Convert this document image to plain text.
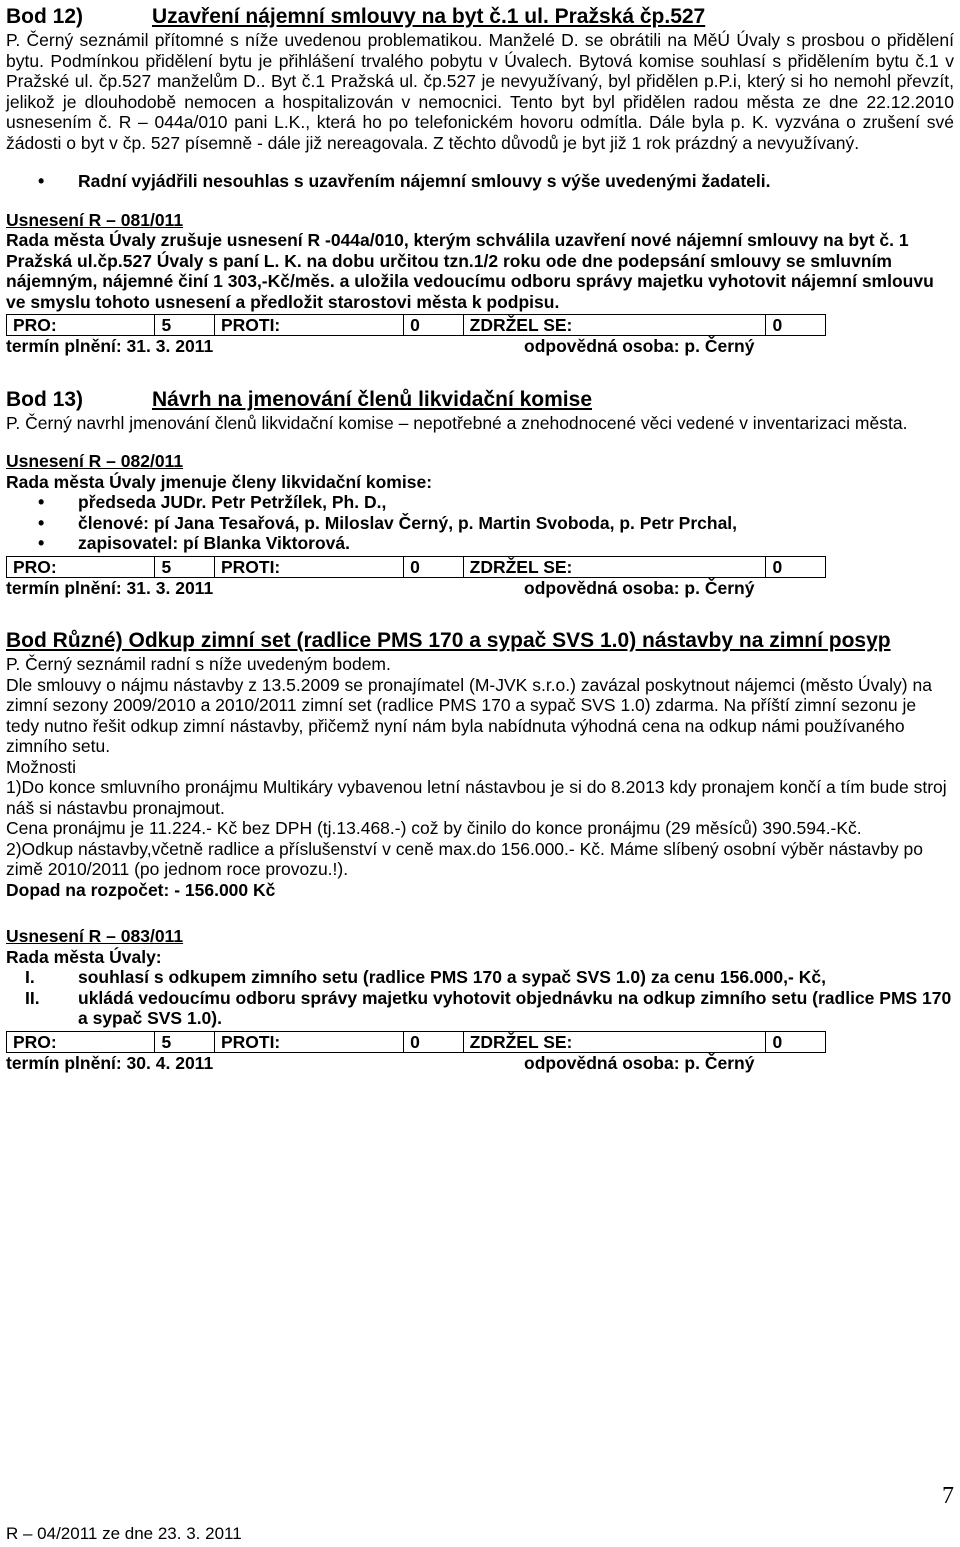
Bod 12)	Uzavření nájemní smlouvy na byt č.1 ul. Pražská čp.527

P. Černý seznámil přítomné s níže uvedenou problematikou. Manželé D. se obrátili na MěÚ Úvaly s prosbou o přidělení bytu. Podmínkou přidělení bytu je přihlášení trvalého pobytu v Úvalech. Bytová komise souhlasí s přidělením bytu č.1 v Pražské ul. čp.527 manželům D.. Byt č.1 Pražská ul. čp.527 je nevyužívaný, byl přidělen p.P.i, který si ho nemohl převzít, jelikož je dlouhodobě nemocen a hospitalizován v nemocnici. Tento byt byl přidělen radou města ze dne 22.12.2010 usnesením č. R – 044a/010 pani L.K., která ho po telefonickém hovoru odmítla. Dále byla p. K. vyzvána o zrušení své žádosti o byt v čp. 527 písemně - dále již nereagovala. Z těchto důvodů je byt již 1 rok prázdný a nevyužívaný.

• Radní vyjádřili nesouhlas s uzavřením nájemní smlouvy s výše uvedenými žadateli.
Usnesení R – 081/011

Rada města Úvaly zrušuje usnesení R -044a/010, kterým schválila uzavření nové nájemní smlouvy na byt č. 1 Pražská ul.čp.527 Úvaly s paní L. K. na dobu určitou tzn.1/2 roku ode dne podepsání smlouvy se smluvním nájemným, nájemné činí 1 303,-Kč/měs. a uložila vedoucímu odboru správy majetku vyhotovit nájemní smlouvu ve smyslu tohoto usnesení a předložit starostovi města k podpisu.

PRO:	5	PROTI:	0	ZDRŽEL SE:	0
termín plnění: 31. 3. 2011	odpovědná osoba: p. Černý
Bod 13)	Návrh na jmenování členů likvidační komise

P. Černý navrhl jmenování členů likvidační komise – nepotřebné a znehodnocené věci vedené v inventarizaci města.

Usnesení R – 082/011
Rada města Úvaly jmenuje členy likvidační komise:
• předseda JUDr. Petr Petržílek, Ph. D.,
• členové: pí Jana Tesařová, p. Miloslav Černý, p. Martin Svoboda, p. Petr Prchal,
• zapisovatel: pí Blanka Viktorová.
PRO:	5	PROTI:	0	ZDRŽEL SE:	0
termín plnění: 31. 3. 2011	odpovědná osoba: p. Černý
Bod Různé) Odkup zimní set (radlice PMS 170 a sypač SVS 1.0) nástavby na zimní posyp

P. Černý seznámil radní s níže uvedeným bodem.

Dle smlouvy o nájmu nástavby z 13.5.2009 se pronajímatel (M-JVK s.r.o.) zavázal poskytnout nájemci (město Úvaly) na zimní sezony 2009/2010 a 2010/2011 zimní set (radlice PMS 170 a sypač SVS 1.0) zdarma. Na příští zimní sezonu je tedy nutno řešit odkup zimní nástavby, přičemž nyní nám byla nabídnuta výhodná cena na odkup námi používaného zimního setu.

Možnosti

1)Do konce smluvního pronájmu Multikáry vybavenou letní nástavbou je si do 8.2013 kdy pronajem končí a tím bude stroj náš si nástavbu pronajmout.

Cena pronájmu je 11.224.- Kč bez DPH (tj.13.468.-) což by činilo do konce pronájmu (29 měsíců) 390.594.-Kč.

2)Odkup nástavby,včetně radlice a příslušenství v ceně max.do 156.000.- Kč. Máme slíbený osobní výběr nástavby po zimě 2010/2011 (po jednom roce provozu.!).

Dopad na rozpočet: - 156.000 Kč

Usnesení R – 083/011
Rada města Úvaly:
I. souhlasí s odkupem zimního setu (radlice PMS 170 a sypač SVS 1.0) za cenu 156.000,- Kč,
II. ukládá vedoucímu odboru správy majetku vyhotovit objednávku na odkup zimního setu (radlice PMS 170 a sypač SVS 1.0).
PRO:	5	PROTI:	0	ZDRŽEL SE:	0
termín plnění: 30. 4. 2011	odpovědná osoba: p. Černý
7
R – 04/2011 ze dne 23. 3. 2011
